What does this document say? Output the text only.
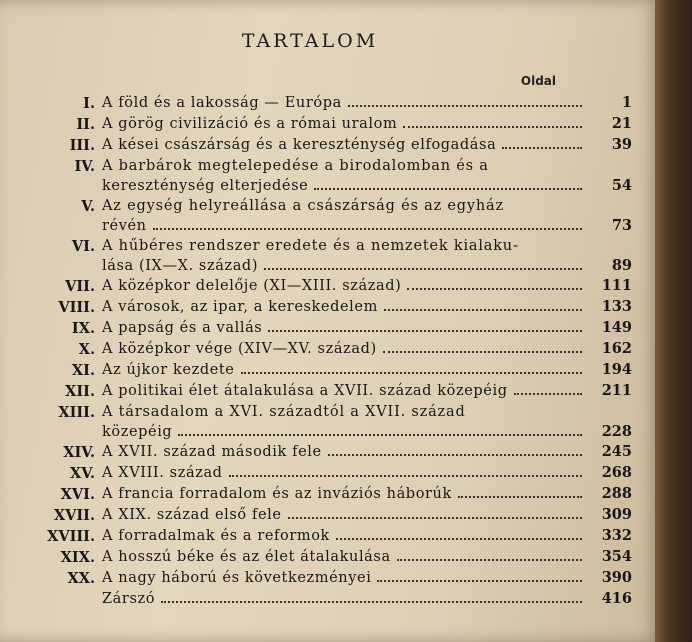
TARTALOM
Oldal
I. A föld és a lakosság — Európa	1
II. A görög civilizáció és a római uralom	21
III. A kései császárság és a kereszténység elfogadása	39
IV. A barbárok megtelepedése a birodalomban és a
kereszténység elterjedése	54
V. Az egység helyreállása a császárság és az egyház
révén	73
VI. A hűbéres rendszer eredete és a nemzetek kialaku-
lása (IX—X. század)	89
VII. A középkor delelője (XI—XIII. század)	111
VIII. A városok, az ipar, a kereskedelem	133
IX. A papság és a vallás	149
X. A középkor vége (XIV—XV. század)	162
XI. Az újkor kezdete	194
XII. A politikai élet átalakulása a XVII. század közepéig	211
XIII. A társadalom a XVI. századtól a XVII. század
közepéig	228
XIV. A XVII. század második fele	245
XV. A XVIII. század	268
XVI. A francia forradalom és az inváziós háborúk	288
XVII. A XIX. század első fele	309
XVIII. A forradalmak és a reformok	332
XIX. A hosszú béke és az élet átalakulása	354
XX. A nagy háború és következményei	390
Zárszó	416
